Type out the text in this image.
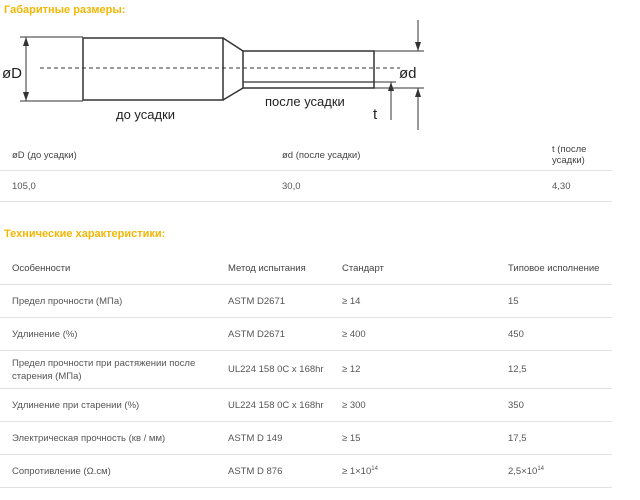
Габаритные размеры:
øD	ød
t
до усадки
после усадки
øD (до усадки)	ød (после усадки)	t (после усадки)
105,0	30,0	4,30
Технические характеристики:
Особенности	Метод испытания	Стандарт	Типовое исполнение
Предел прочности (МПа)	ASTM D2671	≥ 14	15
Удлинение (%)	ASTM D2671	≥ 400	450
Предел прочности при растяжении после старения (МПа)	UL224 158 0C x 168hr	≥ 12	12,5
Удлинение при старении (%)	UL224 158 0C x 168hr	≥ 300	350
Электрическая прочность (кв / мм)	ASTM D 149	≥ 15	17,5
Сопротивление (Ω.см)	ASTM D 876	≥ $1\times 10^{14}$	$2,5\times 10^{14}$
